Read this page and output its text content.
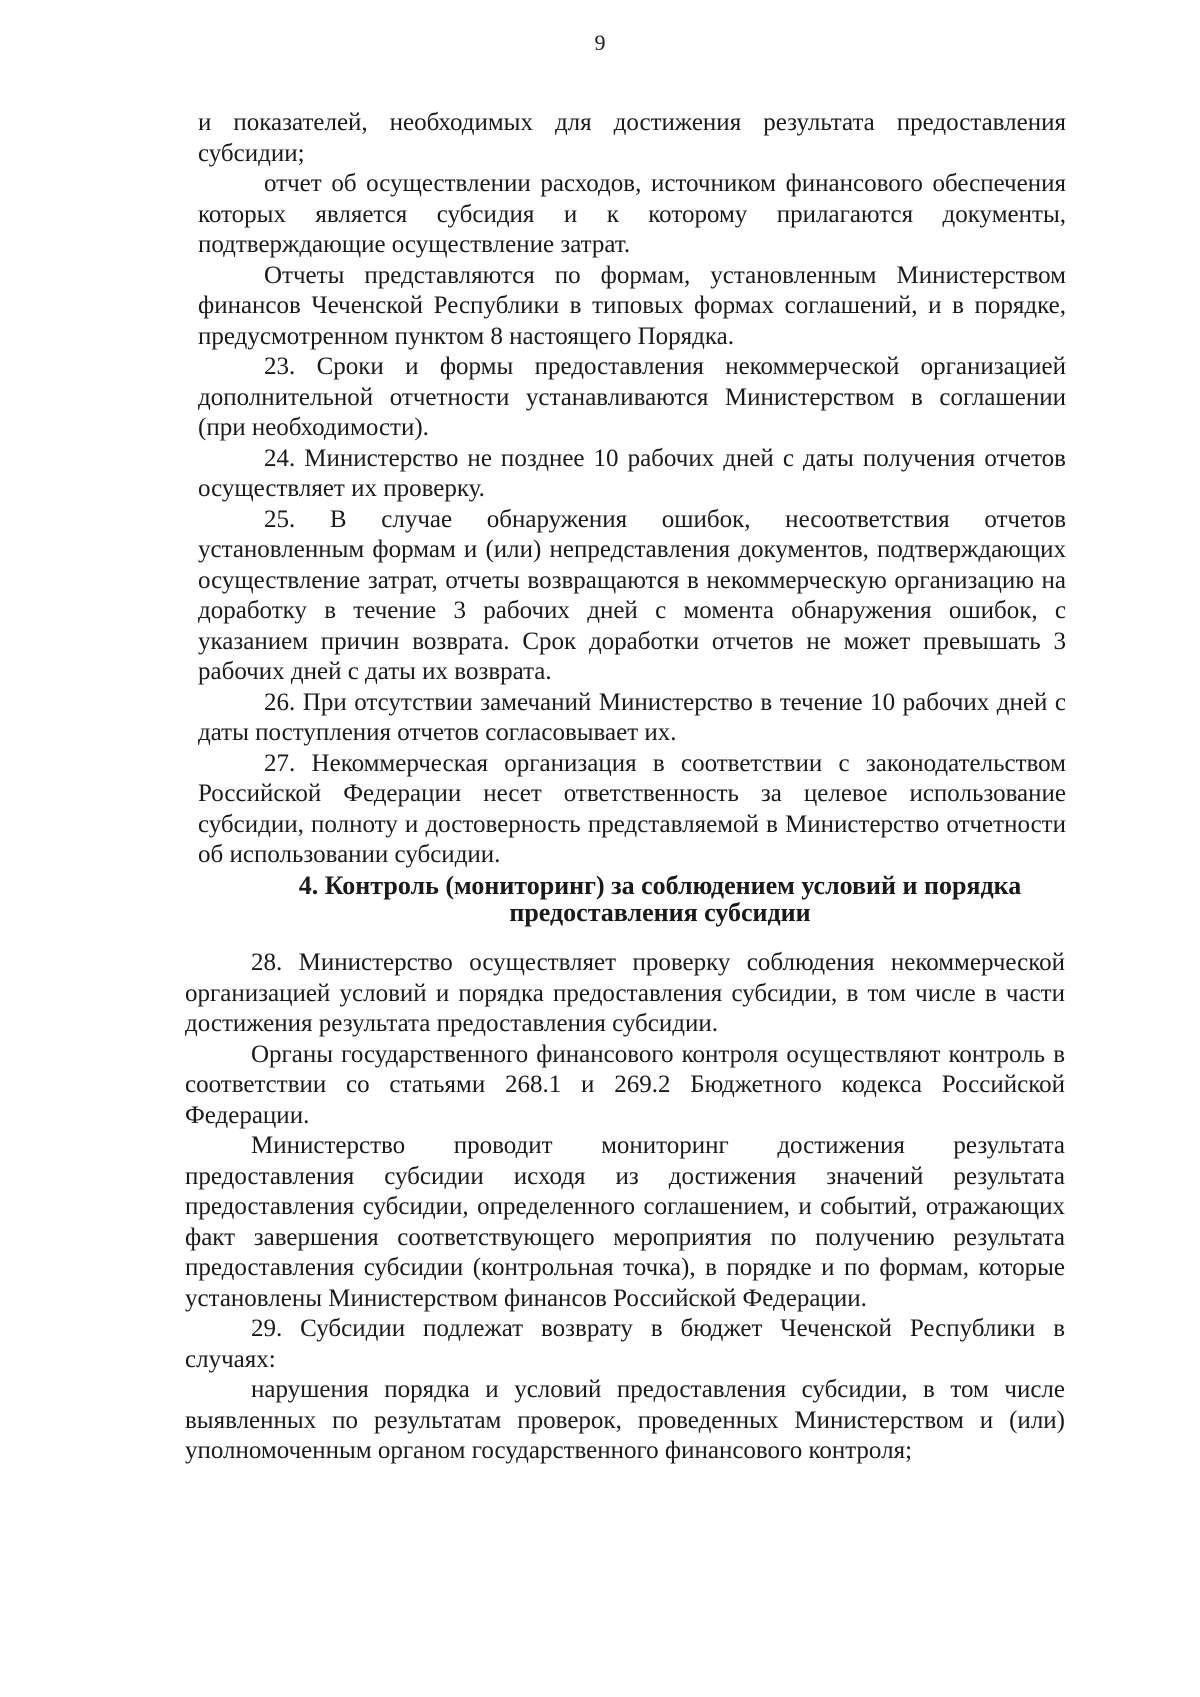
9

и показателей, необходимых для достижения результата предоставления субсидии;

отчет об осуществлении расходов, источником финансового обеспечения которых является субсидия и к которому прилагаются документы, подтверждающие осуществление затрат.

Отчеты представляются по формам, установленным Министерством финансов Чеченской Республики в типовых формах соглашений, и в порядке, предусмотренном пунктом 8 настоящего Порядка.

23. Сроки и формы предоставления некоммерческой организацией дополнительной отчетности устанавливаются Министерством в соглашении (при необходимости).

24. Министерство не позднее 10 рабочих дней с даты получения отчетов осуществляет их проверку.

25. В случае обнаружения ошибок, несоответствия отчетов установленным формам и (или) непредставления документов, подтверждающих осуществление затрат, отчеты возвращаются в некоммерческую организацию на доработку в течение 3 рабочих дней с момента обнаружения ошибок, с указанием причин возврата. Срок доработки отчетов не может превышать 3 рабочих дней с даты их возврата.

26. При отсутствии замечаний Министерство в течение 10 рабочих дней с даты поступления отчетов согласовывает их.

27. Некоммерческая организация в соответствии с законодательством Российской Федерации несет ответственность за целевое использование субсидии, полноту и достоверность представляемой в Министерство отчетности об использовании субсидии.

4. Контроль (мониторинг) за соблюдением условий и порядка
предоставления субсидии

28. Министерство осуществляет проверку соблюдения некоммерческой организацией условий и порядка предоставления субсидии, в том числе в части достижения результата предоставления субсидии.

Органы государственного финансового контроля осуществляют контроль в соответствии со статьями 268.1 и 269.2 Бюджетного кодекса Российской Федерации.

Министерство проводит мониторинг достижения результата предоставления субсидии исходя из достижения значений результата предоставления субсидии, определенного соглашением, и событий, отражающих факт завершения соответствующего мероприятия по получению результата предоставления субсидии (контрольная точка), в порядке и по формам, которые установлены Министерством финансов Российской Федерации.

29. Субсидии подлежат возврату в бюджет Чеченской Республики в случаях:

нарушения порядка и условий предоставления субсидии, в том числе выявленных по результатам проверок, проведенных Министерством и (или) уполномоченным органом государственного финансового контроля;
